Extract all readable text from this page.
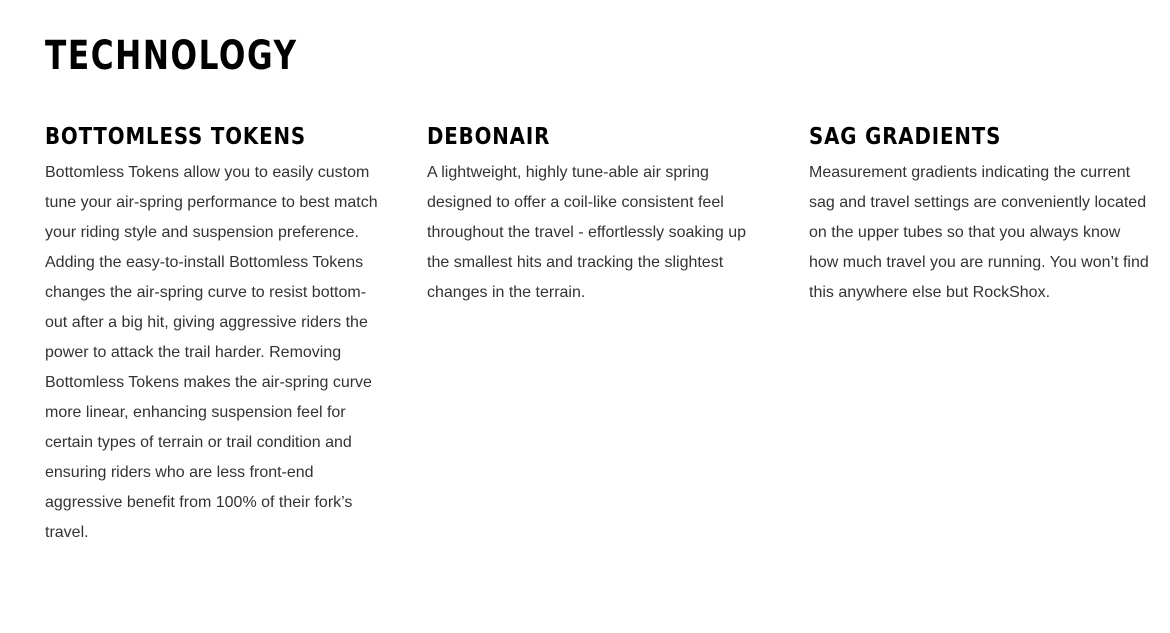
TECHNOLOGY
BOTTOMLESS TOKENS

Bottomless Tokens allow you to easily custom tune your air-spring performance to best match your riding style and suspension preference. Adding the easy-to-install Bottomless Tokens changes the air-spring curve to resist bottom-out after a big hit, giving aggressive riders the power to attack the trail harder. Removing Bottomless Tokens makes the air-spring curve more linear, enhancing suspension feel for certain types of terrain or trail condition and ensuring riders who are less front-end aggressive benefit from 100% of their fork’s travel.

DEBONAIR

A lightweight, highly tune-able air spring designed to offer a coil-like consistent feel throughout the travel - effortlessly soaking up the smallest hits and tracking the slightest changes in the terrain.

SAG GRADIENTS

Measurement gradients indicating the current sag and travel settings are conveniently located on the upper tubes so that you always know how much travel you are running. You won’t find this anywhere else but RockShox.
